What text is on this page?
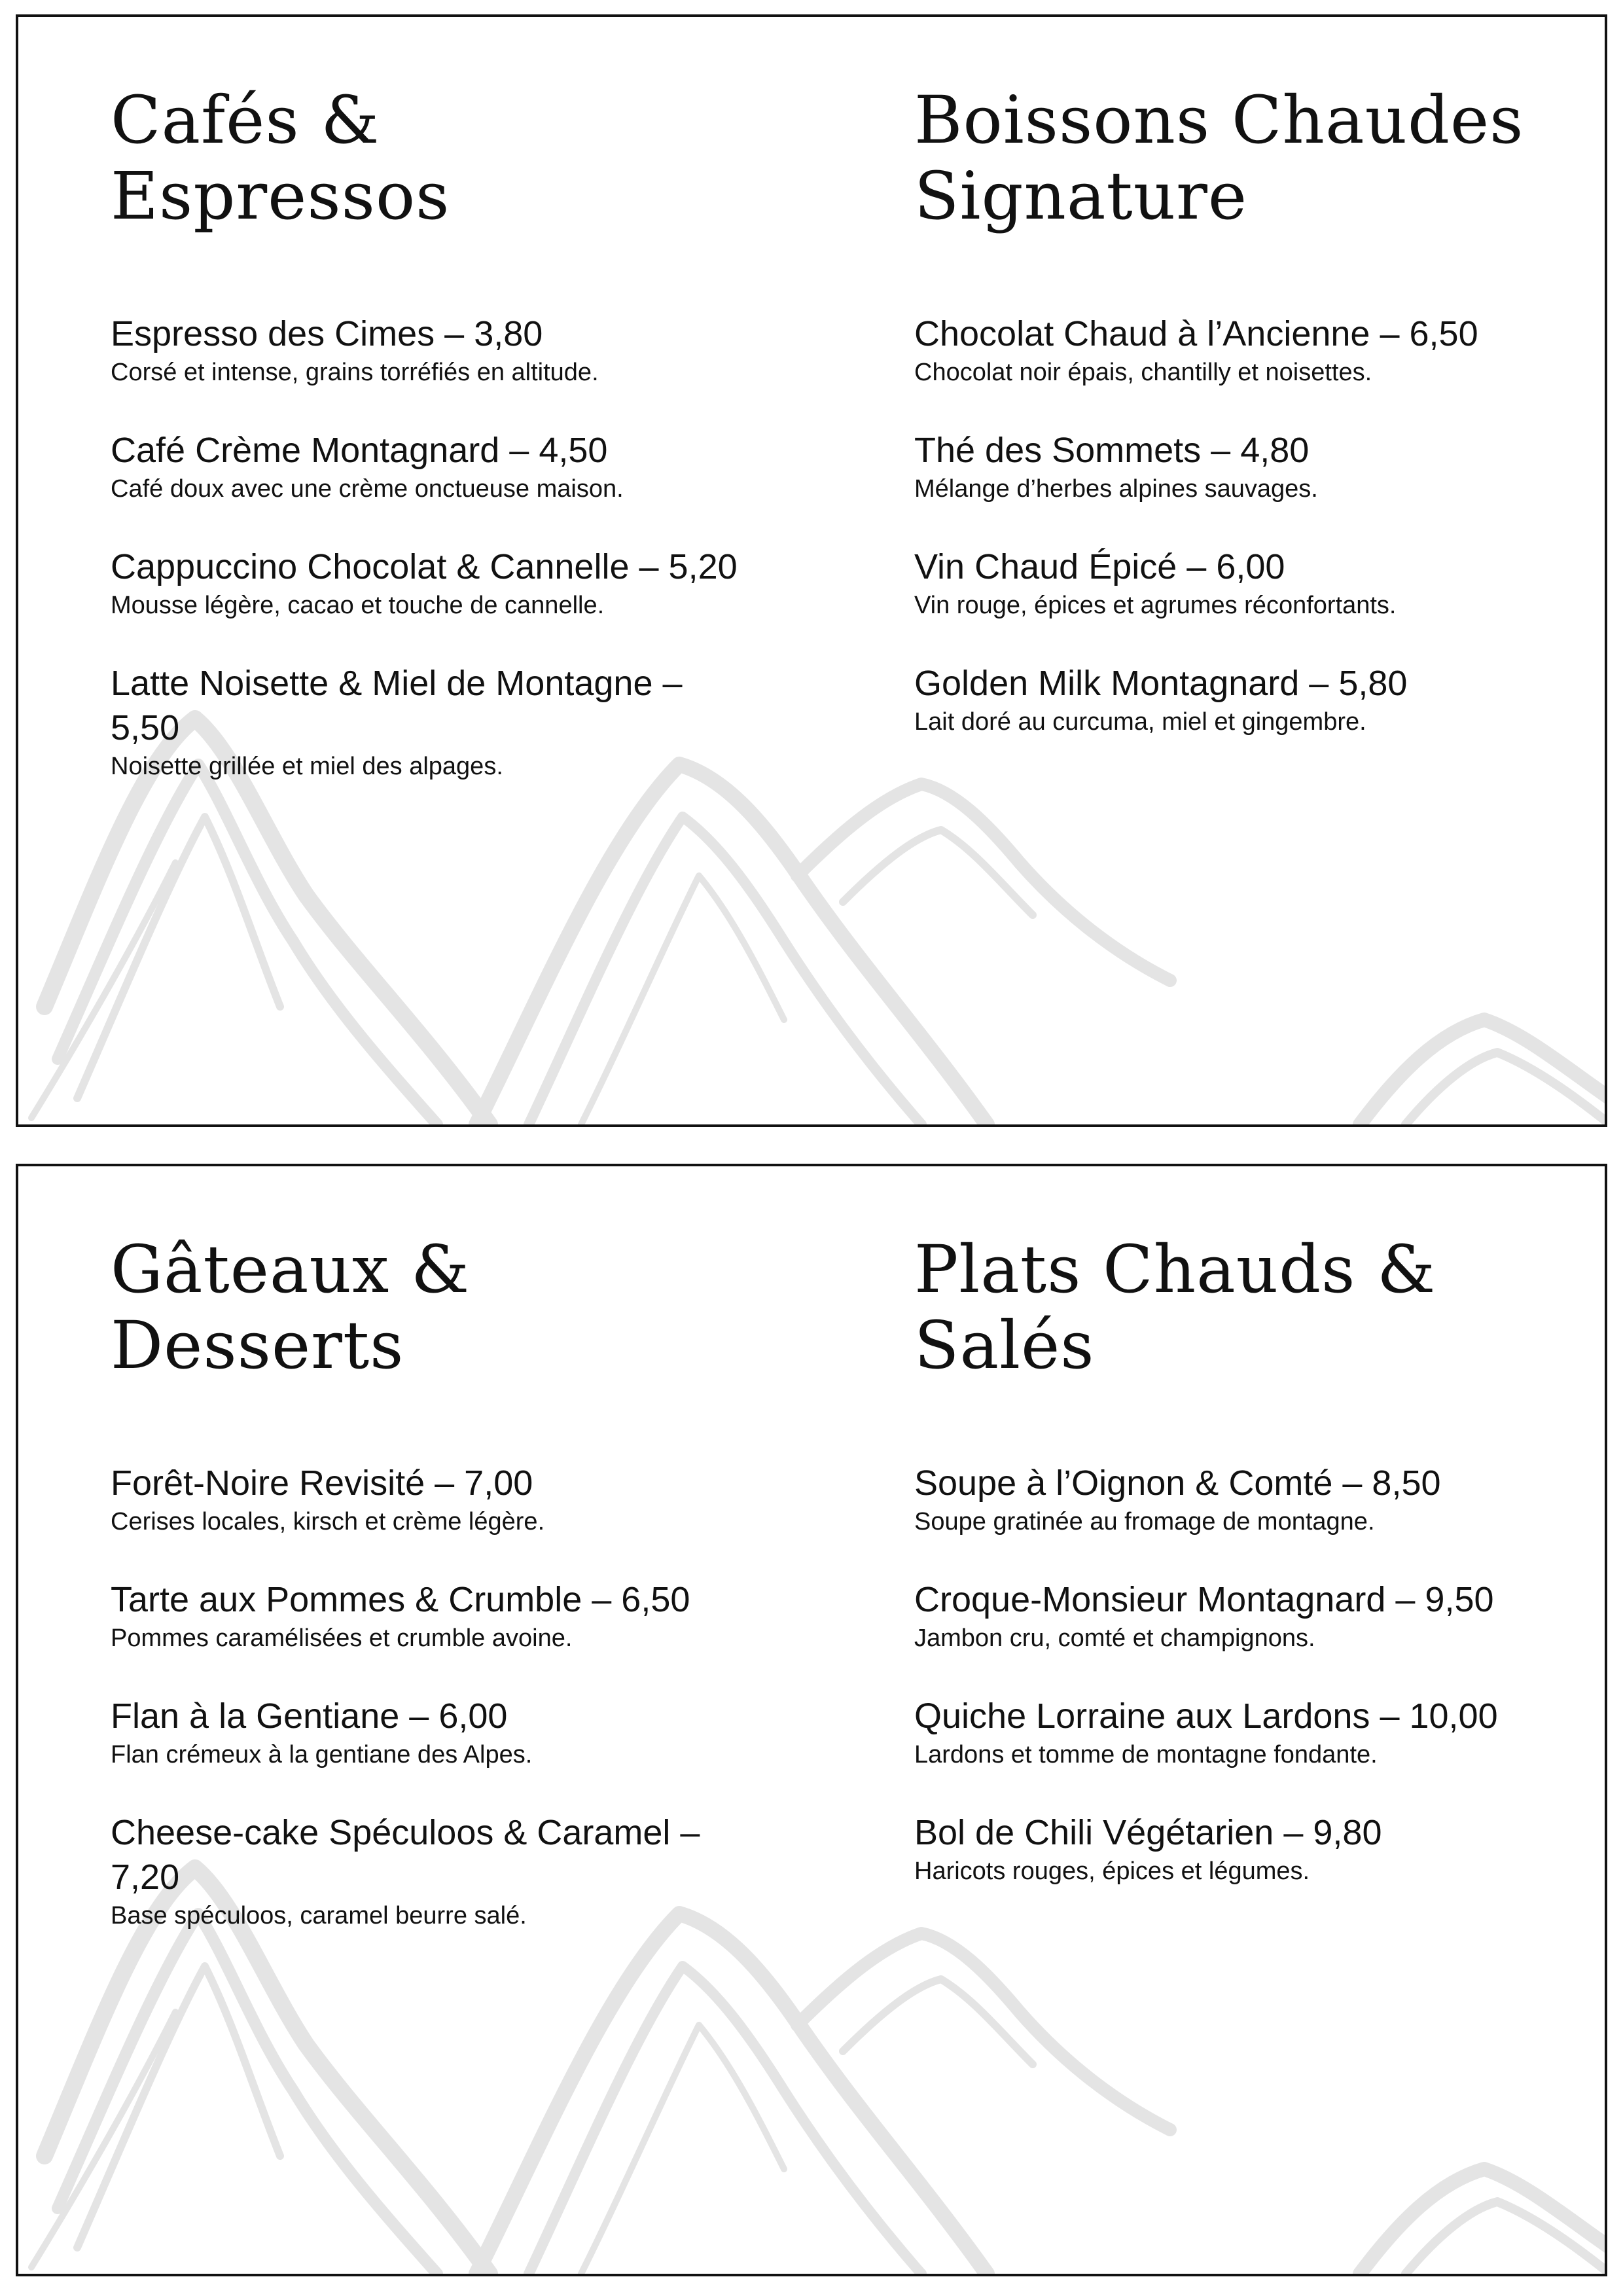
Cafés & Espressos
Espresso des Cimes – 3,80
Corsé et intense, grains torréfiés en altitude.
Café Crème Montagnard – 4,50
Café doux avec une crème onctueuse maison.
Cappuccino Chocolat & Cannelle – 5,20
Mousse légère, cacao et touche de cannelle.
Latte Noisette & Miel de Montagne – 5,50
Noisette grillée et miel des alpages.
Boissons Chaudes Signature
Chocolat Chaud à l’Ancienne – 6,50
Chocolat noir épais, chantilly et noisettes.
Thé des Sommets – 4,80
Mélange d’herbes alpines sauvages.
Vin Chaud Épicé – 6,00
Vin rouge, épices et agrumes réconfortants.
Golden Milk Montagnard – 5,80
Lait doré au curcuma, miel et gingembre.
Gâteaux & Desserts
Forêt-Noire Revisité – 7,00
Cerises locales, kirsch et crème légère.
Tarte aux Pommes & Crumble – 6,50
Pommes caramélisées et crumble avoine.
Flan à la Gentiane – 6,00
Flan crémeux à la gentiane des Alpes.
Cheese-cake Spéculoos & Caramel – 7,20
Base spéculoos, caramel beurre salé.
Plats Chauds & Salés
Soupe à l’Oignon & Comté – 8,50
Soupe gratinée au fromage de montagne.
Croque-Monsieur Montagnard – 9,50
Jambon cru, comté et champignons.
Quiche Lorraine aux Lardons – 10,00
Lardons et tomme de montagne fondante.
Bol de Chili Végétarien – 9,80
Haricots rouges, épices et légumes.
